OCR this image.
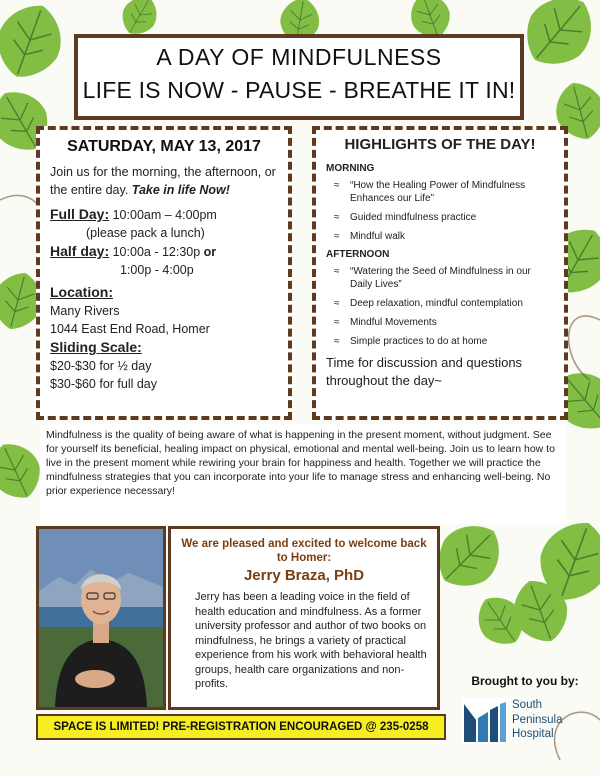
A DAY OF MINDFULNESS
LIFE IS NOW - PAUSE - BREATHE IT IN!
SATURDAY, MAY 13, 2017

Join us for the morning, the afternoon, or the entire day. Take in life Now!

Full Day: 10:00am – 4:00pm

(please pack a lunch)

Half day: 10:00a - 12:30p or

1:00p - 4:00p

Location:

Many Rivers

1044 East End Road, Homer

Sliding Scale:

$20-$30 for ½ day

$30-$60 for full day

HIGHLIGHTS OF THE DAY!
MORNING
≈	“How the Healing Power of Mindfulness Enhances our Life”
≈	Guided mindfulness practice
≈	Mindful walk
AFTERNOON
≈	“Watering the Seed of Mindfulness in our Daily Lives”
≈	Deep relaxation, mindful contemplation
≈	Mindful Movements
≈	Simple practices to do at home
Time for discussion and questions throughout the day~
Mindfulness is the quality of being aware of what is happening in the present moment, without judgment. See for yourself its beneficial, healing impact on physical, emotional and mental well-being. Join us to learn how to live in the present moment while rewiring your brain for happiness and health. Together we will practice the mindfulness strategies that you can incorporate into your life to manage stress and enhancing well-being. No prior experience necessary!
We are pleased and excited to welcome back to Homer:
Jerry Braza, PhD
Jerry has been a leading voice in the field of health education and mindfulness. As a former university professor and author of two books on mindfulness, he brings a variety of practical experience from his work with behavioral health groups, health care organizations and non-profits.
SPACE IS LIMITED! PRE-REGISTRATION ENCOURAGED @ 235-0258
Brought to you by:
South
Peninsula
Hospital
